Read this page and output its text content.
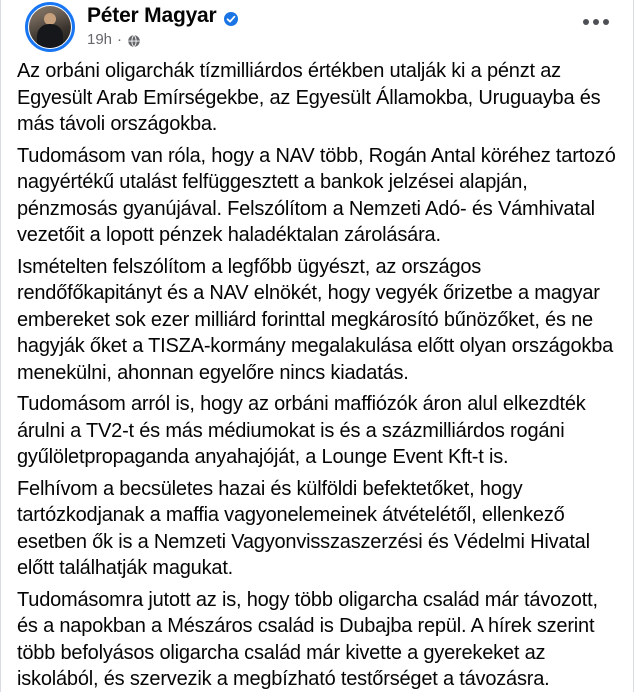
Péter Magyar
19h ·

Az orbáni oligarchák tízmilliárdos értékben utalják ki a pénzt az Egyesült Arab Emírségekbe, az Egyesült Államokba, Uruguayba és más távoli országokba.

Tudomásom van róla, hogy a NAV több, Rogán Antal köréhez tartozó nagyértékű utalást felfüggesztett a bankok jelzései alapján, pénzmosás gyanújával. Felszólítom a Nemzeti Adó- és Vámhivatal vezetőit a lopott pénzek haladéktalan zárolására.

Ismételten felszólítom a legfőbb ügyészt, az országos rendőfőkapitányt és a NAV elnökét, hogy vegyék őrizetbe a magyar embereket sok ezer milliárd forinttal megkárosító bűnözőket, és ne hagyják őket a TISZA-kormány megalakulása előtt olyan országokba menekülni, ahonnan egyelőre nincs kiadatás.

Tudomásom arról is, hogy az orbáni maffiózók áron alul elkezdték árulni a TV2-t és más médiumokat is és a százmilliárdos rogáni gyűlöletpropaganda anyahajóját, a Lounge Event Kft-t is.

Felhívom a becsületes hazai és külföldi befektetőket, hogy tartózkodjanak a maffia vagyonelemeinek átvételétől, ellenkező esetben ők is a Nemzeti Vagyonvisszaszerzési és Védelmi Hivatal előtt találhatják magukat.

Tudomásomra jutott az is, hogy több oligarcha család már távozott, és a napokban a Mészáros család is Dubajba repül. A hírek szerint több befolyásos oligarcha család már kivette a gyerekeket az iskolából, és szervezik a megbízható testőrséget a távozásra.
